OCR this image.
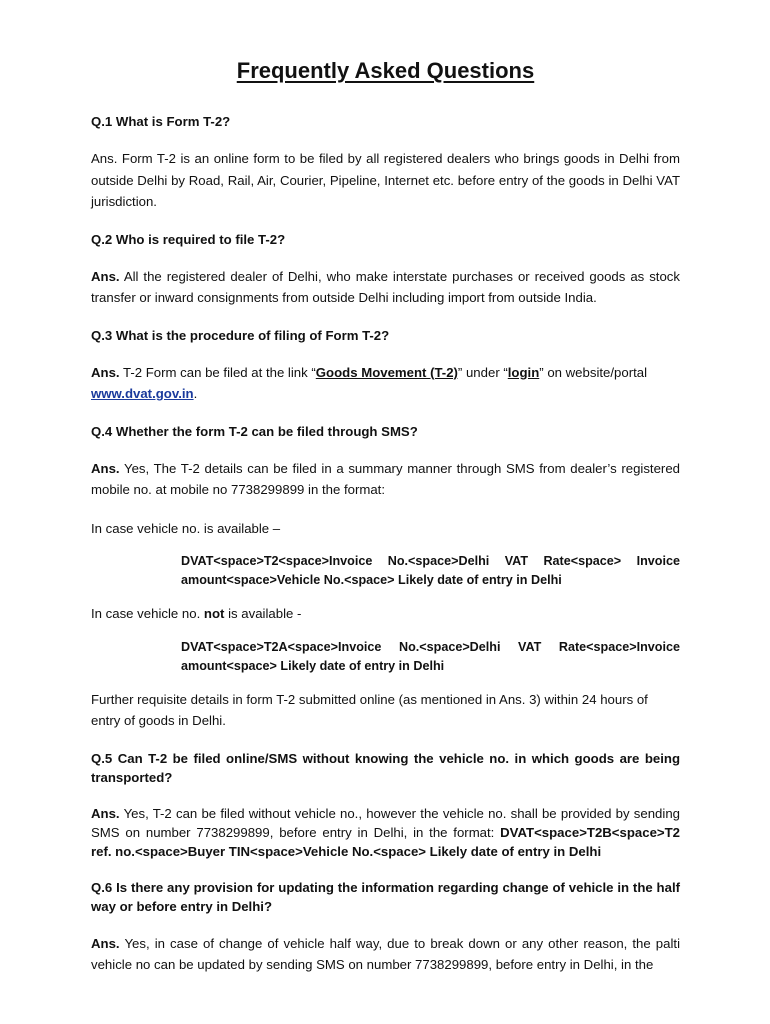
Frequently Asked Questions

Q.1 What is Form T-2?

Ans. Form T-2 is an online form to be filed by all registered dealers who brings goods in Delhi from outside Delhi by Road, Rail, Air, Courier, Pipeline, Internet etc. before entry of the goods in Delhi VAT jurisdiction.

Q.2 Who is required to file T-2?

Ans. All the registered dealer of Delhi, who make interstate purchases or received goods as stock transfer or inward consignments from outside Delhi including import from outside India.

Q.3 What is the procedure of filing of Form T-2?

Ans. T-2 Form can be filed at the link “Goods Movement (T-2)” under “login” on website/portal www.dvat.gov.in.

Q.4 Whether the form T-2 can be filed through SMS?

Ans. Yes, The T-2 details can be filed in a summary manner through SMS from dealer’s registered mobile no. at mobile no 7738299899 in the format:

In case vehicle no. is available –

DVAT<space>T2<space>Invoice No.<space>Delhi VAT Rate<space> Invoice amount<space>Vehicle No.<space> Likely date of entry in Delhi

In case vehicle no. not is available -

DVAT<space>T2A<space>Invoice No.<space>Delhi VAT Rate<space>Invoice amount<space> Likely date of entry in Delhi

Further requisite details in form T-2 submitted online (as mentioned in Ans. 3) within 24 hours of entry of goods in Delhi.

Q.5 Can T-2 be filed online/SMS without knowing the vehicle no. in which goods are being transported?

Ans. Yes, T-2 can be filed without vehicle no., however the vehicle no. shall be provided by sending SMS on number 7738299899, before entry in Delhi, in the format: DVAT<space>T2B<space>T2 ref. no.<space>Buyer TIN<space>Vehicle No.<space> Likely date of entry in Delhi

Q.6 Is there any provision for updating the information regarding change of vehicle in the half way or before entry in Delhi?

Ans. Yes, in case of change of vehicle half way, due to break down or any other reason, the palti vehicle no can be updated by sending SMS on number 7738299899, before entry in Delhi, in the
